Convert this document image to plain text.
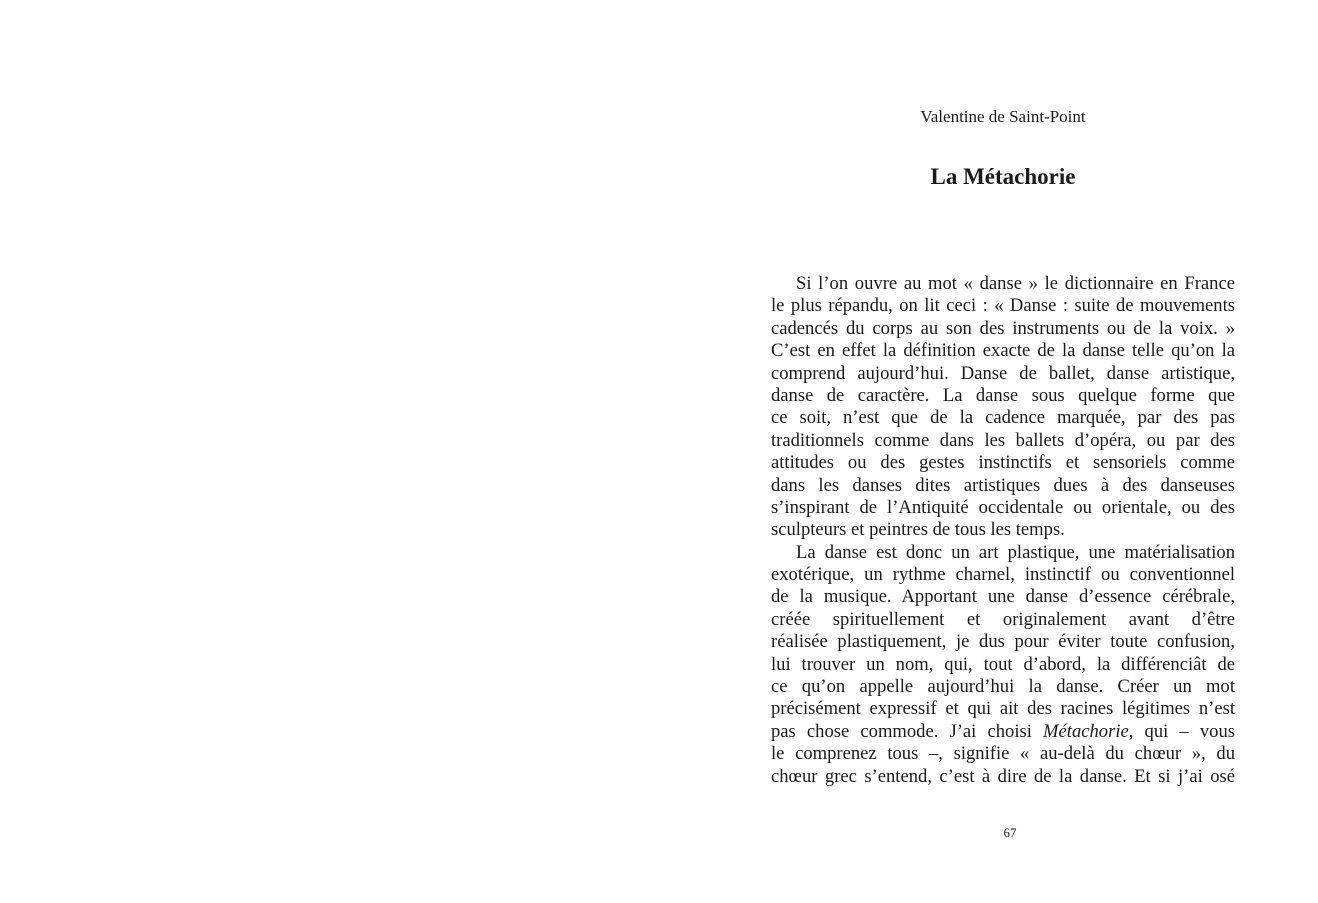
Valentine de Saint-Point
La Métachorie
Si l’on ouvre au mot « danse » le dictionnaire en France
le plus répandu, on lit ceci : « Danse : suite de mouvements
cadencés du corps au son des instruments ou de la voix. »
C’est en effet la définition exacte de la danse telle qu’on la
comprend aujourd’hui. Danse de ballet, danse artistique,
danse de caractère. La danse sous quelque forme que
ce soit, n’est que de la cadence marquée, par des pas
traditionnels comme dans les ballets d’opéra, ou par des
attitudes ou des gestes instinctifs et sensoriels comme
dans les danses dites artistiques dues à des danseuses
s’inspirant de l’Antiquité occidentale ou orientale, ou des
sculpteurs et peintres de tous les temps.
La danse est donc un art plastique, une matérialisation
exotérique, un rythme charnel, instinctif ou conventionnel
de la musique. Apportant une danse d’essence cérébrale,
créée spirituellement et originalement avant d’être
réalisée plastiquement, je dus pour éviter toute confusion,
lui trouver un nom, qui, tout d’abord, la différenciât de
ce qu’on appelle aujourd’hui la danse. Créer un mot
précisément expressif et qui ait des racines légitimes n’est
pas chose commode. J’ai choisi Métachorie, qui – vous
le comprenez tous –, signifie « au-delà du chœur », du
chœur grec s’entend, c’est à dire de la danse. Et si j’ai osé
67
